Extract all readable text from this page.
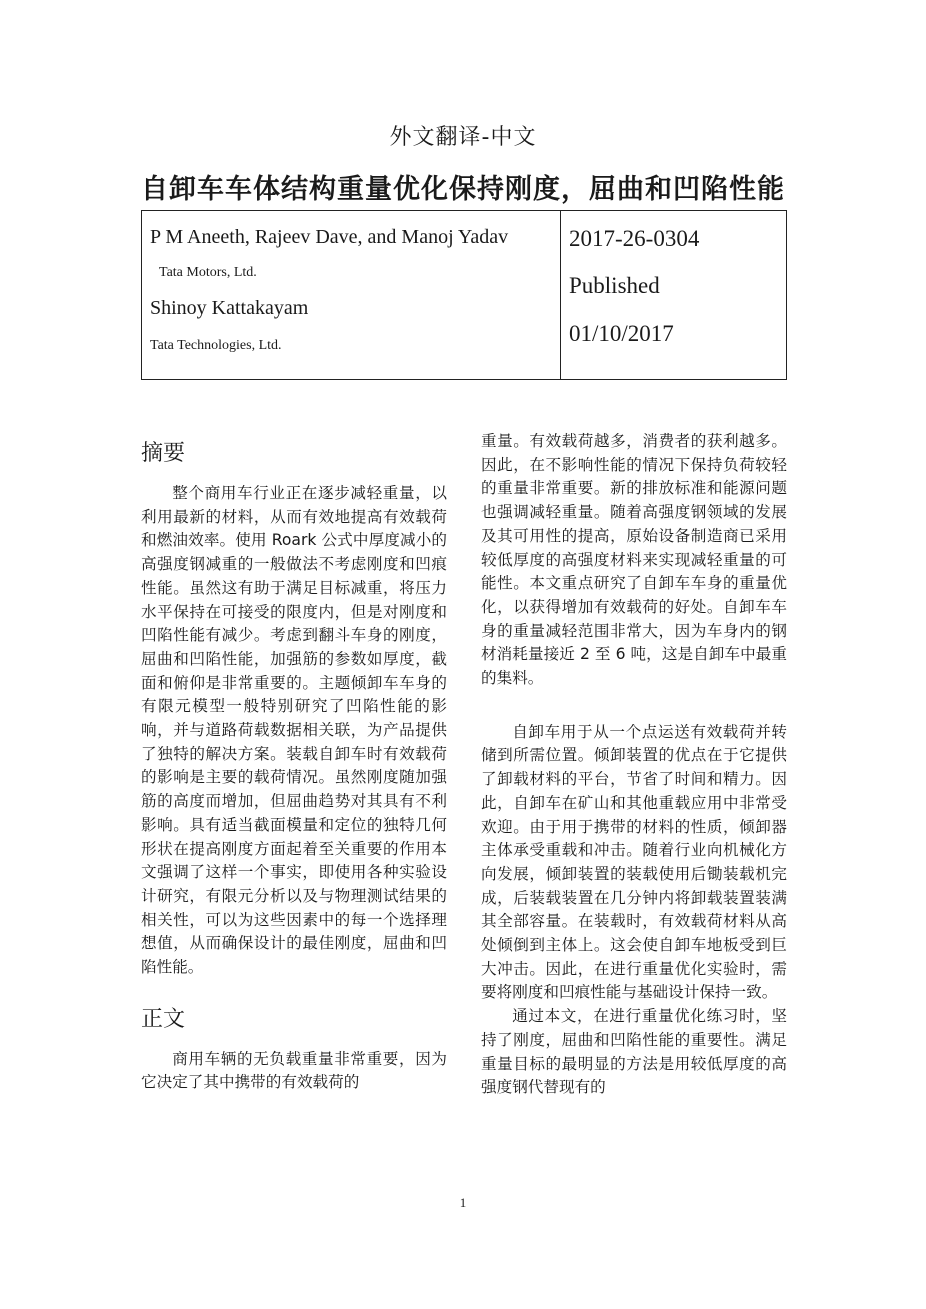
外文翻译-中文
自卸车车体结构重量优化保持刚度，屈曲和凹陷性能
P M Aneeth, Rajeev Dave, and Manoj Yadav
Tata Motors, Ltd.
Shinoy Kattakayam
Tata Technologies, Ltd.
2017-26-0304
Published
01/10/2017
摘要

整个商用车行业正在逐步减轻重量，以利用最新的材料，从而有效地提高有效载荷和燃油效率。使用 Roark 公式中厚度减小的高强度钢减重的一般做法不考虑刚度和凹痕性能。虽然这有助于满足目标减重，将压力水平保持在可接受的限度内，但是对刚度和凹陷性能有减少。考虑到翻斗车身的刚度，屈曲和凹陷性能，加强筋的参数如厚度，截面和俯仰是非常重要的。主题倾卸车车身的有限元模型一般特别研究了凹陷性能的影响，并与道路荷载数据相关联，为产品提供了独特的解决方案。装载自卸车时有效载荷的影响是主要的载荷情况。虽然刚度随加强筋的高度而增加，但屈曲趋势对其具有不利影响。具有适当截面模量和定位的独特几何形状在提高刚度方面起着至关重要的作用本文强调了这样一个事实，即使用各种实验设计研究，有限元分析以及与物理测试结果的相关性，可以为这些因素中的每一个选择理想值，从而确保设计的最佳刚度，屈曲和凹陷性能。

正文

商用车辆的无负载重量非常重要，因为它决定了其中携带的有效载荷的

重量。有效载荷越多，消费者的获利越多。因此，在不影响性能的情况下保持负荷较轻的重量非常重要。新的排放标准和能源问题也强调减轻重量。随着高强度钢领域的发展及其可用性的提高，原始设备制造商已采用较低厚度的高强度材料来实现减轻重量的可能性。本文重点研究了自卸车车身的重量优化，以获得增加有效载荷的好处。自卸车车身的重量减轻范围非常大，因为车身内的钢材消耗量接近 2 至 6 吨，这是自卸车中最重的集料。

自卸车用于从一个点运送有效载荷并转储到所需位置。倾卸装置的优点在于它提供了卸载材料的平台，节省了时间和精力。因此，自卸车在矿山和其他重载应用中非常受欢迎。由于用于携带的材料的性质，倾卸器主体承受重载和冲击。随着行业向机械化方向发展，倾卸装置的装载使用后锄装载机完成，后装载装置在几分钟内将卸载装置装满其全部容量。在装载时，有效载荷材料从高处倾倒到主体上。这会使自卸车地板受到巨大冲击。因此，在进行重量优化实验时，需要将刚度和凹痕性能与基础设计保持一致。

通过本文，在进行重量优化练习时，坚持了刚度，屈曲和凹陷性能的重要性。满足重量目标的最明显的方法是用较低厚度的高强度钢代替现有的

1
